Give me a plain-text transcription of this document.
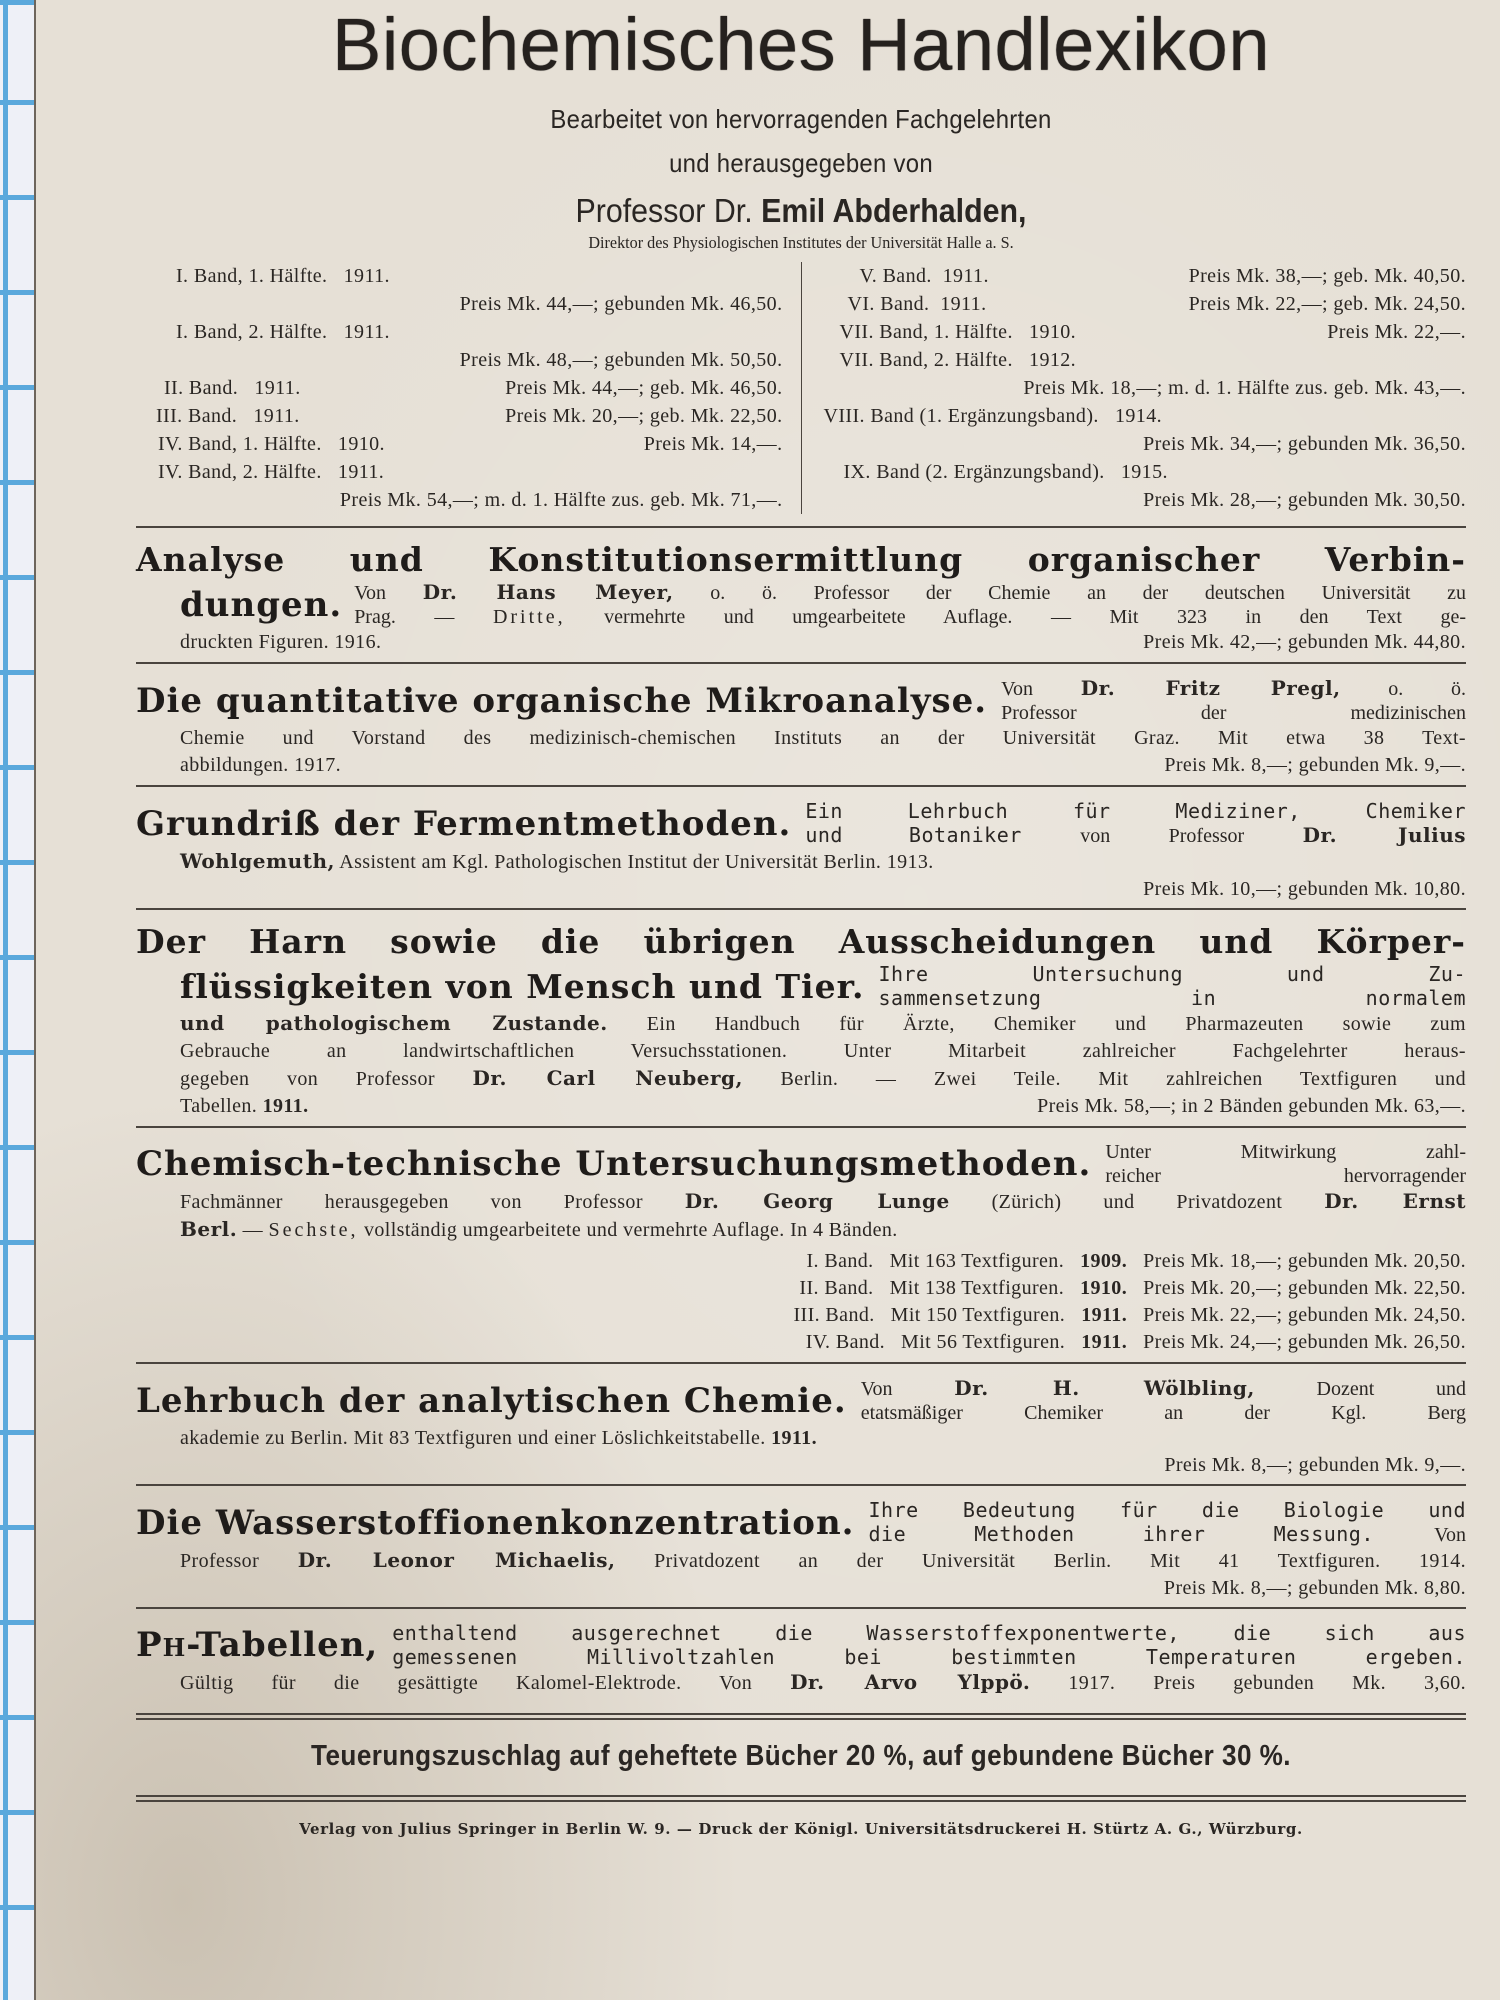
Biochemisches Handlexikon
Bearbeitet von hervorragenden Fachgelehrten
und herausgegeben von
Professor Dr. Emil Abderhalden,
Direktor des Physiologischen Institutes der Universität Halle a. S.
I. Band, 1. Hälfte.   1911.
Preis Mk. 44,—; gebunden Mk. 46,50.
I. Band, 2. Hälfte.   1911.
Preis Mk. 48,—; gebunden Mk. 50,50.
II. Band.   1911.	Preis Mk. 44,—; geb. Mk. 46,50.
III. Band.   1911.	Preis Mk. 20,—; geb. Mk. 22,50.
IV. Band, 1. Hälfte.   1910.	Preis Mk. 14,—.
IV. Band, 2. Hälfte.   1911.
Preis Mk. 54,—; m. d. 1. Hälfte zus. geb. Mk. 71,—.
V. Band.  1911.	Preis Mk. 38,—; geb. Mk. 40,50.
VI. Band.  1911.	Preis Mk. 22,—; geb. Mk. 24,50.
VII. Band, 1. Hälfte.   1910.	Preis Mk. 22,—.
VII. Band, 2. Hälfte.   1912.
Preis Mk. 18,—; m. d. 1. Hälfte zus. geb. Mk. 43,—.
VIII. Band (1. Ergänzungsband).   1914.
Preis Mk. 34,—; gebunden Mk. 36,50.
IX. Band (2. Ergänzungsband).   1915.
Preis Mk. 28,—; gebunden Mk. 30,50.
Analyse und Konstitutionsermittlung organischer Verbin-
dungen. Von Dr. Hans Meyer, o. ö. Professor der Chemie an der deutschen Universität zu
Prag. — Dritte, vermehrte und umgearbeitete Auflage. — Mit 323 in den Text ge-
druckten Figuren. 1916.	Preis Mk. 42,—; gebunden Mk. 44,80.
Die quantitative organische Mikroanalyse. Von Dr. Fritz Pregl, o. ö.
Professor der medizinischen
Chemie und Vorstand des medizinisch-chemischen Instituts an der Universität Graz. Mit etwa 38 Text-
abbildungen. 1917.	Preis Mk. 8,—; gebunden Mk. 9,—.
Grundriß der Fermentmethoden. Ein Lehrbuch für Mediziner, Chemiker
und Botaniker	von Professor	Dr. Julius
Wohlgemuth, Assistent am Kgl. Pathologischen Institut der Universität Berlin. 1913.
Preis Mk. 10,—; gebunden Mk. 10,80.
Der Harn sowie die übrigen Ausscheidungen und Körper-
flüssigkeiten von Mensch und Tier. Ihre Untersuchung und Zu-
sammensetzung in normalem
und pathologischem Zustande. Ein Handbuch für Ärzte, Chemiker und Pharmazeuten sowie zum
Gebrauche an landwirtschaftlichen Versuchsstationen. Unter Mitarbeit zahlreicher Fachgelehrter heraus-
gegeben von Professor Dr. Carl Neuberg, Berlin. — Zwei Teile. Mit zahlreichen Textfiguren und
Tabellen. 1911.	Preis Mk. 58,—; in 2 Bänden gebunden Mk. 63,—.
Chemisch-technische Untersuchungsmethoden. Unter Mitwirkung zahl-
reicher hervorragender
Fachmänner herausgegeben von Professor Dr. Georg Lunge (Zürich) und Privatdozent Dr. Ernst
Berl. — Sechste, vollständig umgearbeitete und vermehrte Auflage. In 4 Bänden.
I. Band. Mit 163 Textfiguren. 1909. Preis Mk. 18,—; gebunden Mk. 20,50.
II. Band. Mit 138 Textfiguren. 1910. Preis Mk. 20,—; gebunden Mk. 22,50.
III. Band. Mit 150 Textfiguren. 1911. Preis Mk. 22,—; gebunden Mk. 24,50.
IV. Band. Mit 56 Textfiguren. 1911. Preis Mk. 24,—; gebunden Mk. 26,50.
Lehrbuch der analytischen Chemie. Von	Dr. H. Wölbling,	Dozent und
etatsmäßiger Chemiker an der Kgl. Berg
akademie zu Berlin. Mit 83 Textfiguren und einer Löslichkeitstabelle. 1911.
Preis Mk. 8,—; gebunden Mk. 9,—.
Die Wasserstoffionenkonzentration. Ihre Bedeutung für die Biologie und
die Methoden ihrer Messung.	Von
Professor Dr. Leonor Michaelis, Privatdozent an der Universität Berlin. Mit 41 Textfiguren. 1914.
Preis Mk. 8,—; gebunden Mk. 8,80.
PH-Tabellen, enthaltend ausgerechnet die Wasserstoffexponentwerte, die sich aus
gemessenen Millivoltzahlen bei bestimmten Temperaturen ergeben.
Gültig für die gesättigte Kalomel-Elektrode. Von Dr. Arvo Ylppö. 1917. Preis gebunden Mk. 3,60.
Teuerungszuschlag auf geheftete Bücher 20 %, auf gebundene Bücher 30 %.
Verlag von Julius Springer in Berlin W. 9. — Druck der Königl. Universitätsdruckerei H. Stürtz A. G., Würzburg.
